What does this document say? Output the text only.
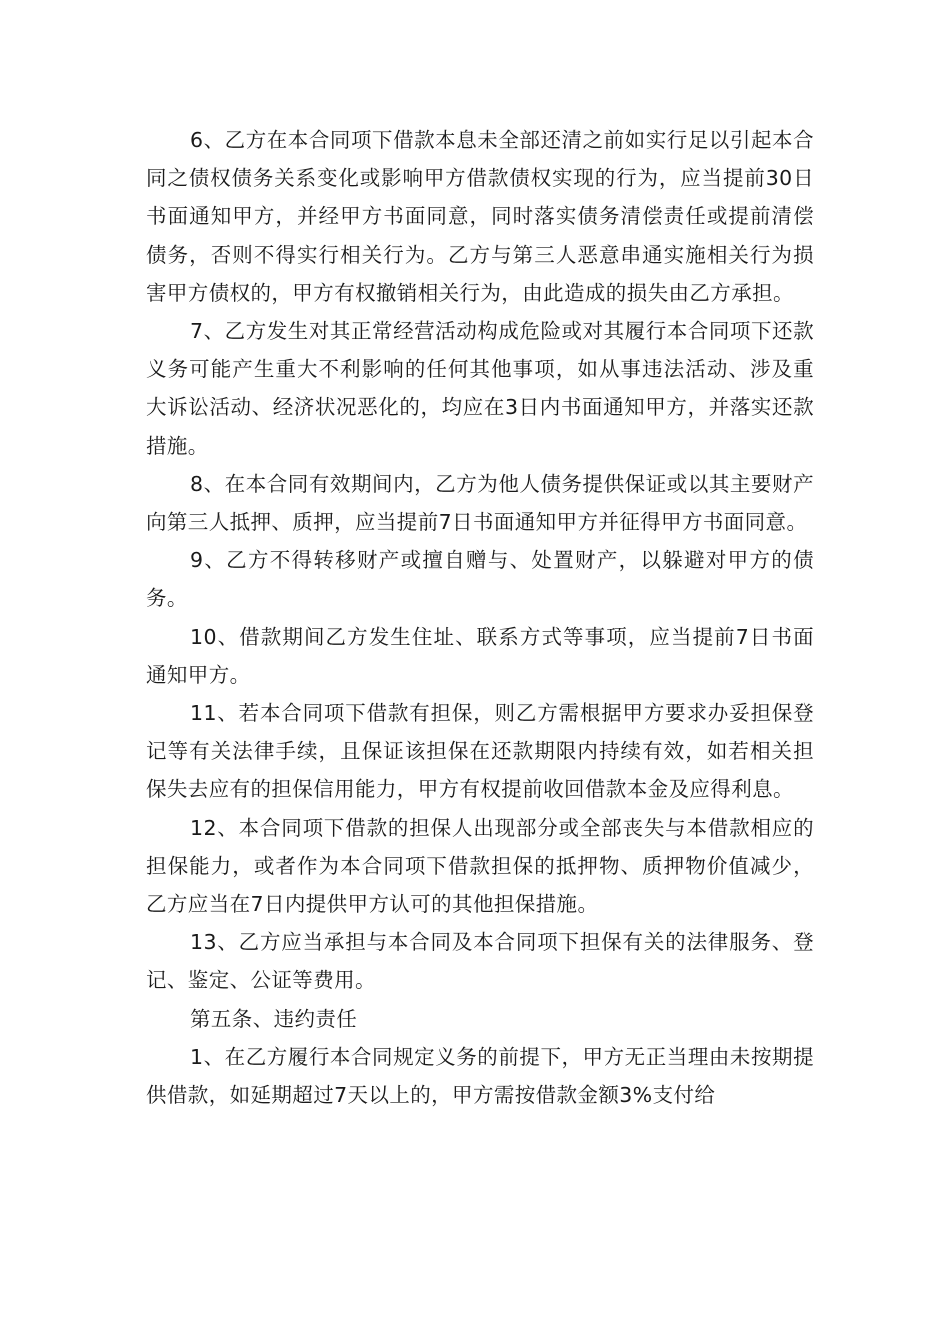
6、乙方在本合同项下借款本息未全部还清之前如实行足以引起本合同之债权债务关系变化或影响甲方借款债权实现的行为，应当提前30日书面通知甲方，并经甲方书面同意，同时落实债务清偿责任或提前清偿债务，否则不得实行相关行为。乙方与第三人恶意串通实施相关行为损害甲方债权的，甲方有权撤销相关行为，由此造成的损失由乙方承担。

7、乙方发生对其正常经营活动构成危险或对其履行本合同项下还款义务可能产生重大不利影响的任何其他事项，如从事违法活动、涉及重大诉讼活动、经济状况恶化的，均应在3日内书面通知甲方，并落实还款措施。

8、在本合同有效期间内，乙方为他人债务提供保证或以其主要财产向第三人抵押、质押，应当提前7日书面通知甲方并征得甲方书面同意。

9、乙方不得转移财产或擅自赠与、处置财产，以躲避对甲方的债务。

10、借款期间乙方发生住址、联系方式等事项，应当提前7日书面通知甲方。

11、若本合同项下借款有担保，则乙方需根据甲方要求办妥担保登记等有关法律手续，且保证该担保在还款期限内持续有效，如若相关担保失去应有的担保信用能力，甲方有权提前收回借款本金及应得利息。

12、本合同项下借款的担保人出现部分或全部丧失与本借款相应的担保能力，或者作为本合同项下借款担保的抵押物、质押物价值减少，乙方应当在7日内提供甲方认可的其他担保措施。

13、乙方应当承担与本合同及本合同项下担保有关的法律服务、登记、鉴定、公证等费用。

第五条、违约责任

1、在乙方履行本合同规定义务的前提下，甲方无正当理由未按期提供借款，如延期超过7天以上的，甲方需按借款金额3%支付给
